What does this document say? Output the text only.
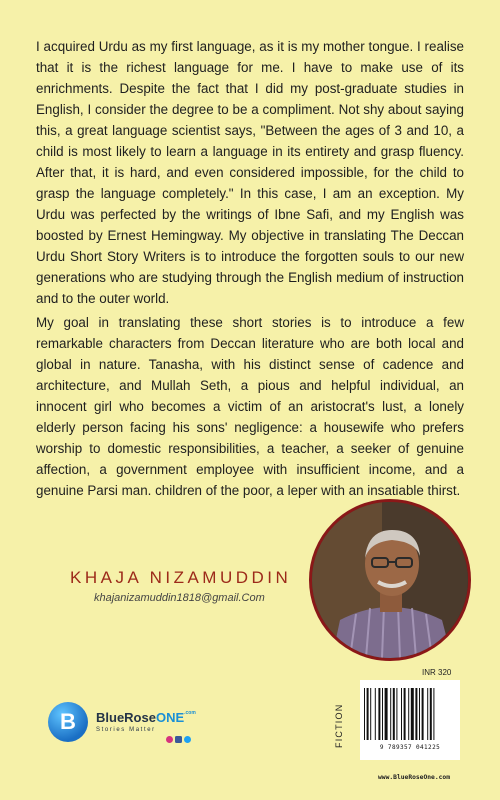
I acquired Urdu as my first language, as it is my mother tongue. I realise that it is the richest language for me. I have to make use of its enrichments. Despite the fact that I did my post-graduate studies in English, I consider the degree to be a compliment. Not shy about saying this, a great language scientist says, "Between the ages of 3 and 10, a child is most likely to learn a language in its entirety and grasp fluency. After that, it is hard, and even considered impossible, for the child to grasp the language completely." In this case, I am an exception. My Urdu was perfected by the writings of Ibne Safi, and my English was boosted by Ernest Hemingway. My objective in translating The Deccan Urdu Short Story Writers is to introduce the forgotten souls to our new generations who are studying through the English medium of instruction and to the outer world.

My goal in translating these short stories is to introduce a few remarkable characters from Deccan literature who are both local and global in nature. Tanasha, with his distinct sense of cadence and architecture, and Mullah Seth, a pious and helpful individual, an innocent girl who becomes a victim of an aristocrat's lust, a lonely elderly person facing his sons' negligence: a housewife who prefers worship to domestic responsibilities, a teacher, a seeker of genuine affection, a government employee with insufficient income, and a genuine Parsi man. children of the poor, a leper with an insatiable thirst.

KHAJA NIZAMUDDIN

khajanizamuddin1818@gmail.Com

B	BlueRoseONE$^{.com}$
Stories Matter

INR 320

FICTION	9 789357 041225

www.BlueRoseOne.com
